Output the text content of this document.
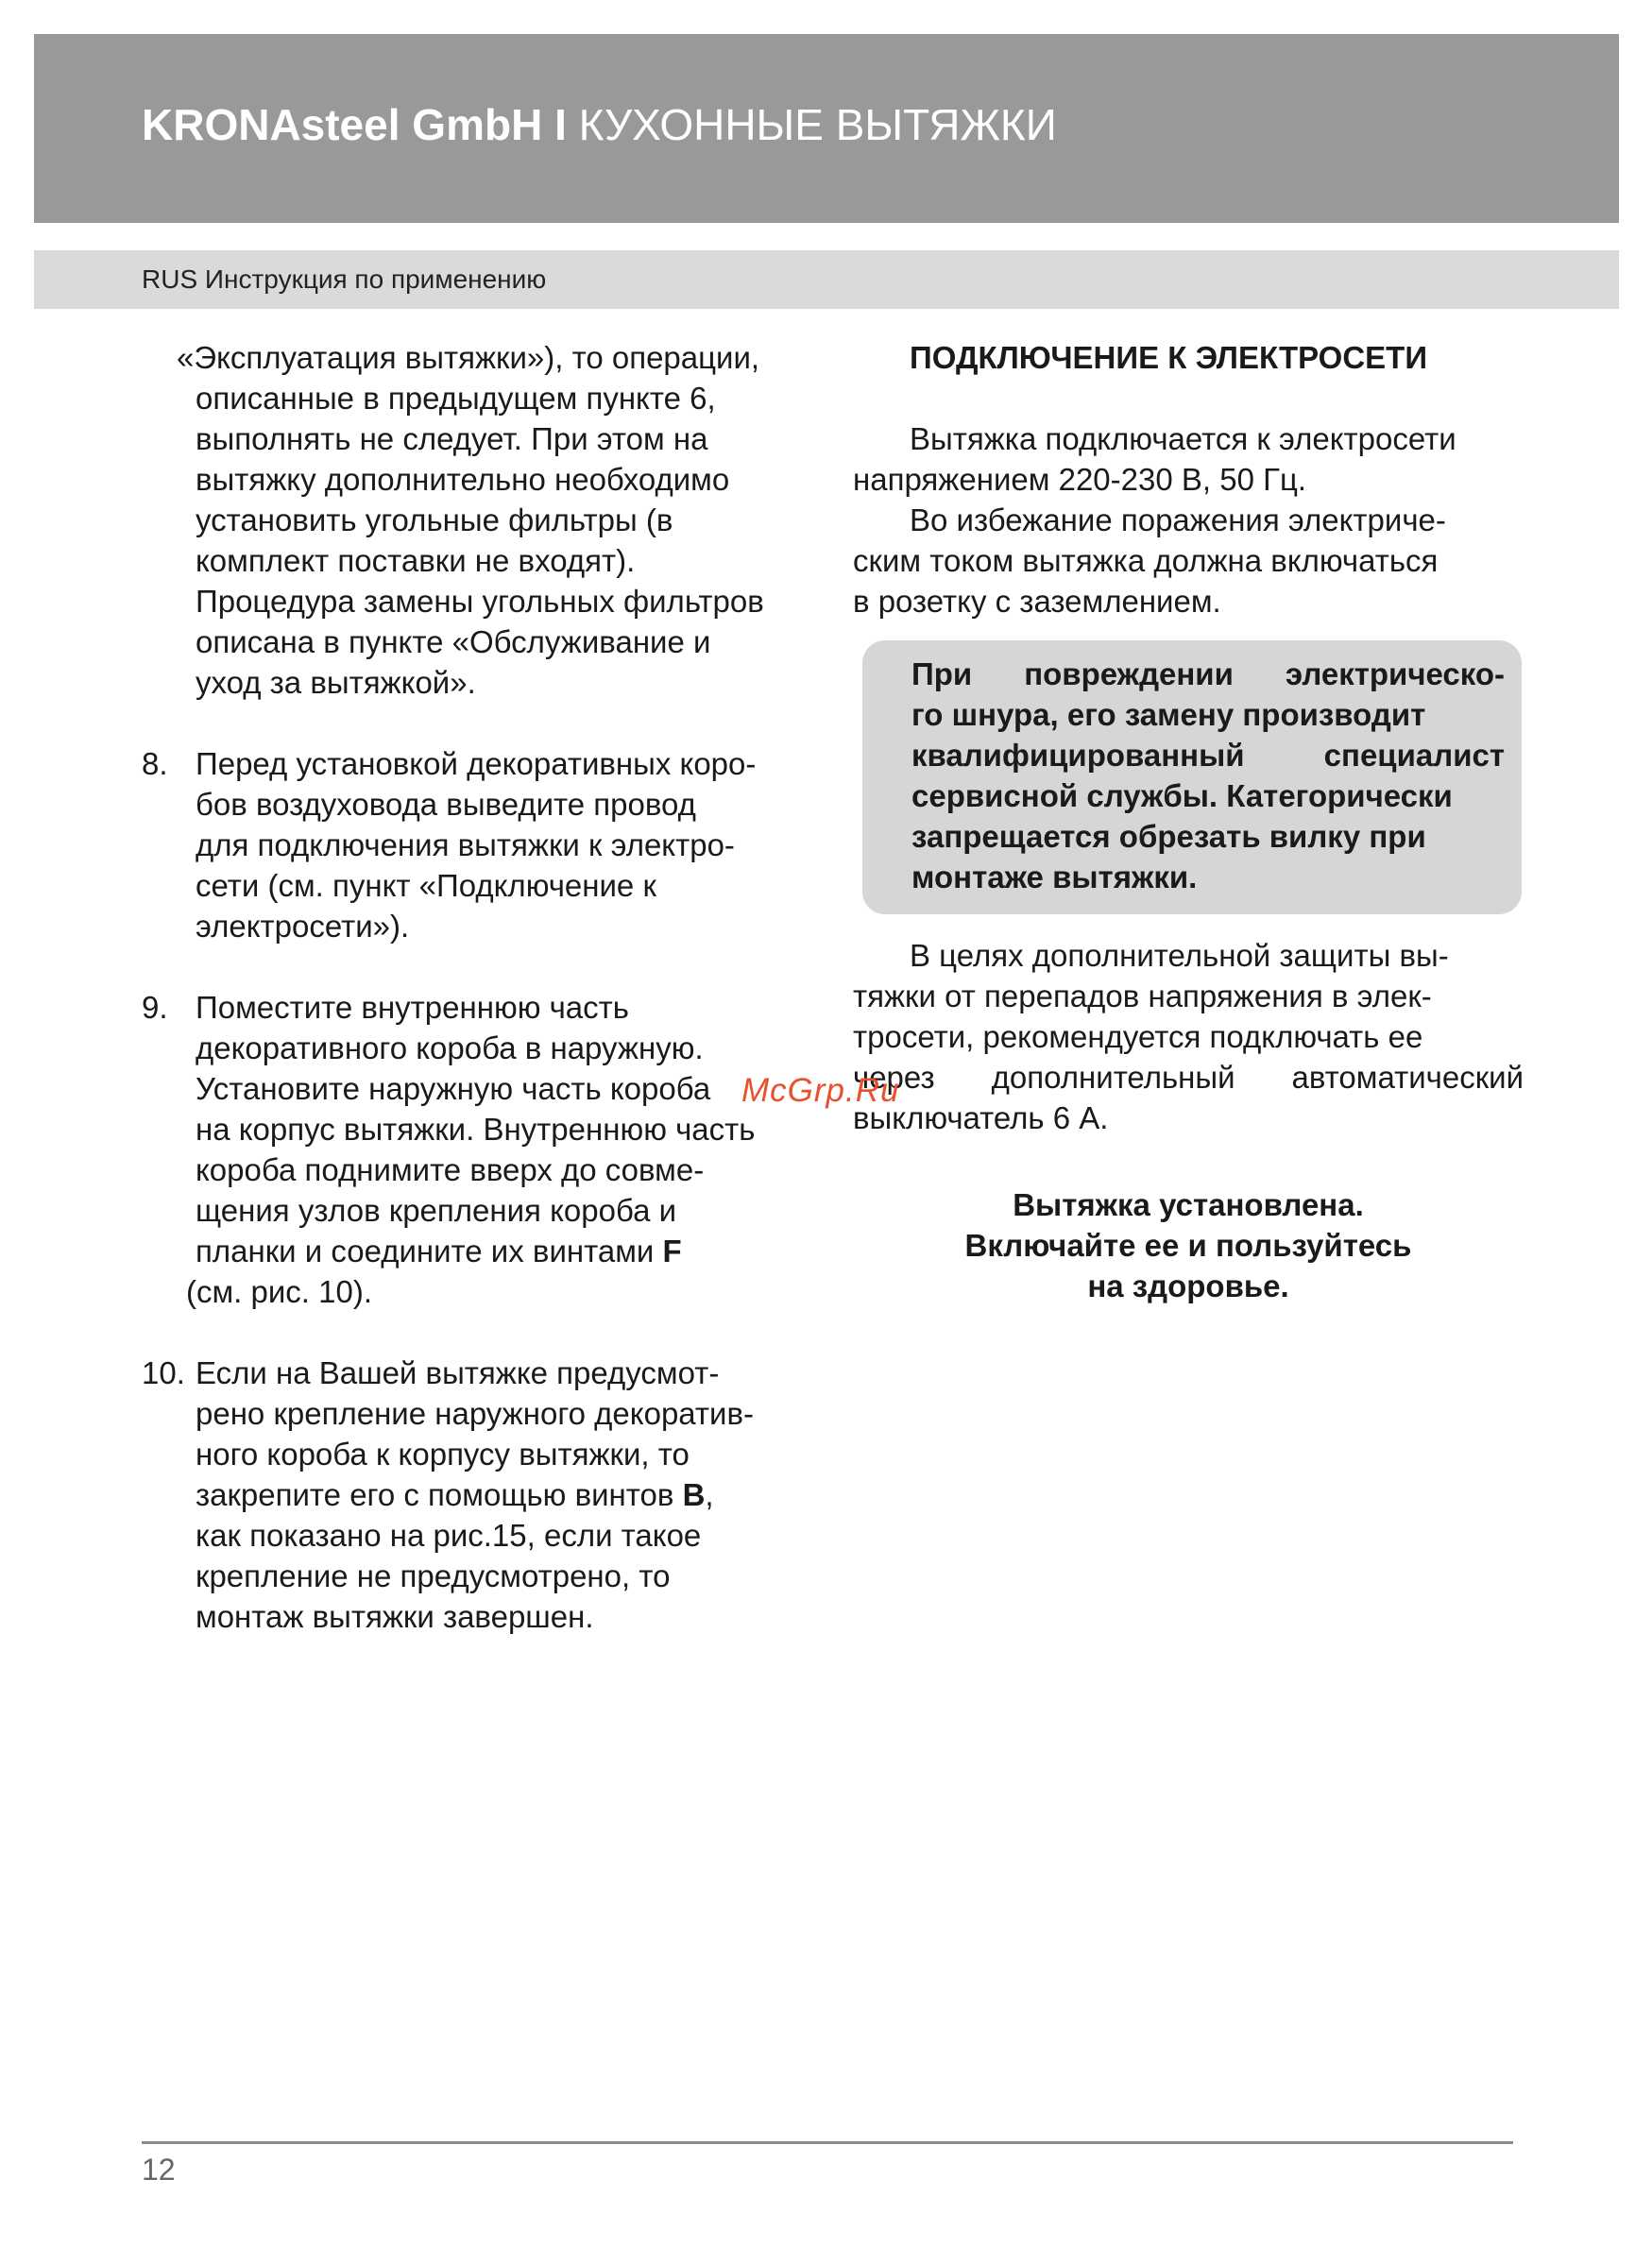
KRONAsteel GmbH I КУХОННЫЕ ВЫТЯЖКИ
RUS Инструкция по применению
«Эксплуатация вытяжки»), то операции,
описанные в предыдущем пункте 6,
выполнять не следует. При этом на
вытяжку дополнительно необходимо
установить угольные фильтры (в
комплект поставки не входят).
Процедура замены угольных фильтров
описана в пункте «Обслуживание и
уход за вытяжкой».
8. Перед установкой декоративных коро-
бов воздуховода выведите провод
для подключения вытяжки к электро-
сети (см. пункт «Подключение к
электросети»).
9. Поместите внутреннюю часть
декоративного короба в наружную.
Установите наружную часть короба
на корпус вытяжки. Внутреннюю часть
короба поднимите вверх до совме-
щения узлов крепления короба и
планки и соедините их винтами F
(см. рис. 10).
10. Если на Вашей вытяжке предусмот-
рено крепление наружного декоратив-
ного короба к корпусу вытяжки, то
закрепите его с помощью винтов B,
как показано на рис.15, если такое
крепление не предусмотрено, то
монтаж вытяжки завершен.
ПОДКЛЮЧЕНИЕ К ЭЛЕКТРОСЕТИ
Вытяжка подключается к электросети
напряжением 220-230 В, 50 Гц.
Во избежание поражения электриче-
ским током вытяжка должна включаться
в розетку с заземлением.
При повреждении электрическо-
го шнура, его замену производит
квалифицированный специалист
сервисной службы. Категорически
запрещается обрезать вилку при
монтаже вытяжки.
В целях дополнительной защиты вы-
тяжки от перепадов напряжения в элек-
тросети, рекомендуется подключать ее
через дополнительный автоматический
выключатель 6 А.
Вытяжка установлена.
Включайте ее и пользуйтесь
на здоровье.
McGrp.Ru
12
